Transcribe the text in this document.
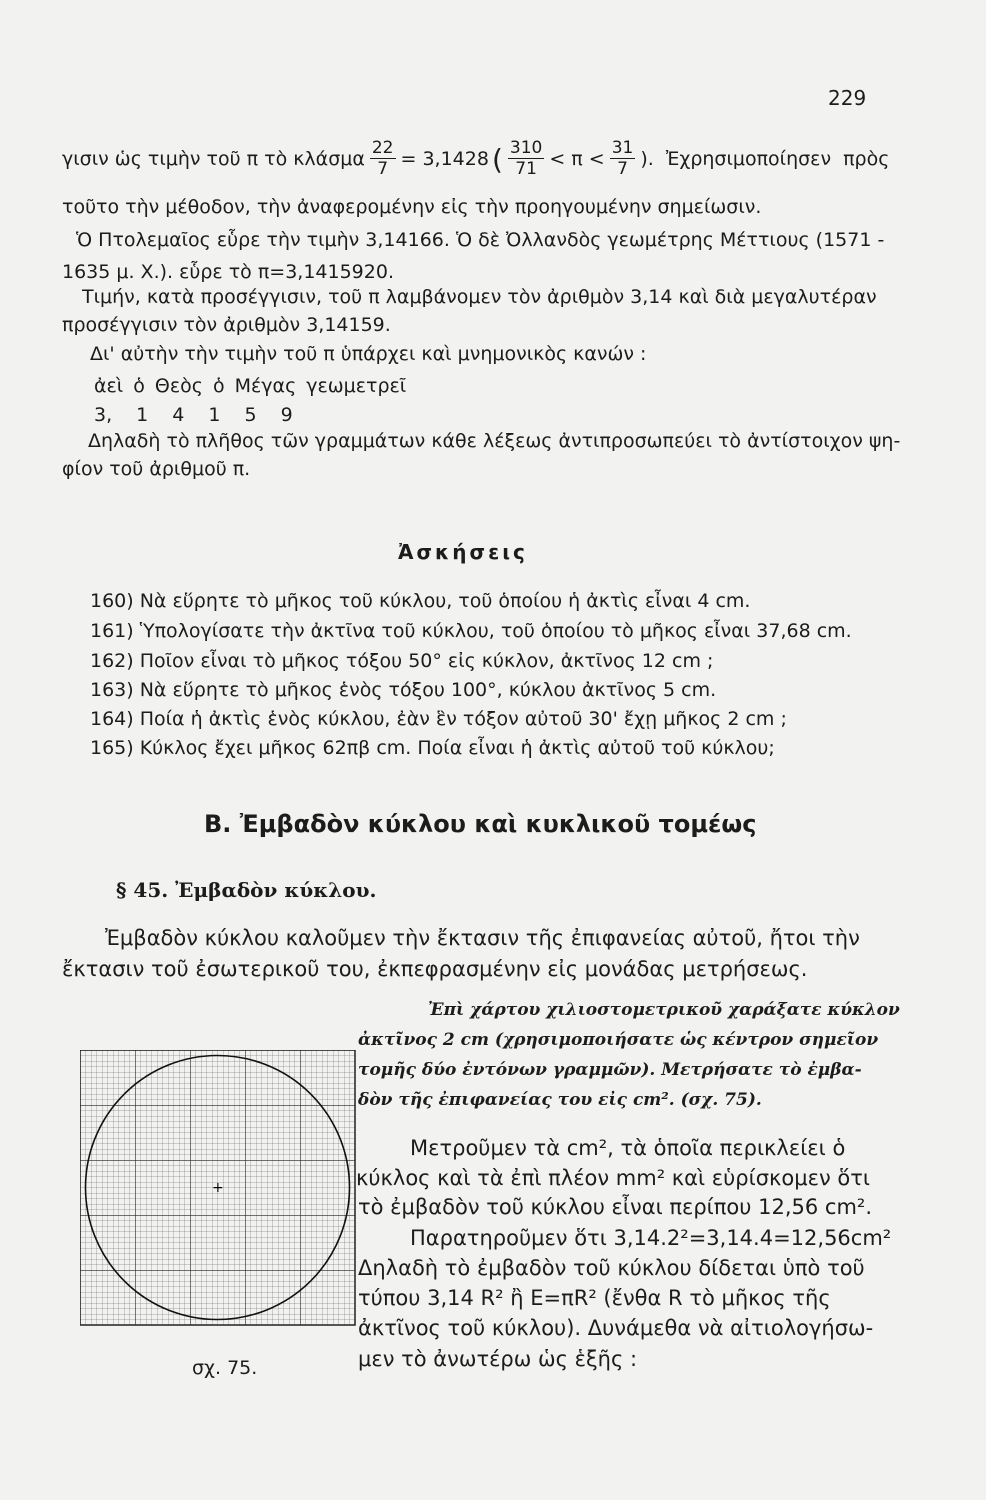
229
γισιν ὡς τιμὴν τοῦ π τὸ κλάσμα $\frac{22}{7} = 3,1428$ ( $\frac{310}{71} < \pi < \frac{31}{7}$ ). Ἐχρησιμοποίησεν πρὸς
τοῦτο τὴν μέθοδον, τὴν ἀναφερομένην εἰς τὴν προηγουμένην σημείωσιν.
Ὁ Πτολεμαῖος εὗρε τὴν τιμὴν 3,14166. Ὁ δὲ Ὀλλανδὸς γεωμέτρης Μέττιους (1571 -
1635 μ. Χ.). εὗρε τὸ π=3,1415920.
Τιμήν, κατὰ προσέγγισιν, τοῦ π λαμβάνομεν τὸν ἀριθμὸν 3,14 καὶ διὰ μεγαλυτέραν
προσέγγισιν τὸν ἀριθμὸν 3,14159.
Δι' αὐτὴν τὴν τιμὴν τοῦ π ὑπάρχει καὶ μνημονικὸς κανών :
ἀεὶ ὁ Θεὸς ὁ Μέγας γεωμετρεῖ
3, 1 4 1 5 9
Δηλαδὴ τὸ πλῆθος τῶν γραμμάτων κάθε λέξεως ἀντιπροσωπεύει τὸ ἀντίστοιχον ψη-
φίον τοῦ ἀριθμοῦ π.
Ἀσκήσεις
160) Νὰ εὕρητε τὸ μῆκος τοῦ κύκλου, τοῦ ὁποίου ἡ ἀκτὶς εἶναι 4 cm.
161) Ὑπολογίσατε τὴν ἀκτῖνα τοῦ κύκλου, τοῦ ὁποίου τὸ μῆκος εἶναι 37,68 cm.
162) Ποῖον εἶναι τὸ μῆκος τόξου 50° εἰς κύκλον, ἀκτῖνος 12 cm ;
163) Νὰ εὕρητε τὸ μῆκος ἑνὸς τόξου 100°, κύκλου ἀκτῖνος 5 cm.
164) Ποία ἡ ἀκτὶς ἑνὸς κύκλου, ἐὰν ἓν τόξον αὐτοῦ 30' ἔχῃ μῆκος 2 cm ;
165) Κύκλος ἔχει μῆκος 62πβ cm. Ποία εἶναι ἡ ἀκτὶς αὐτοῦ τοῦ κύκλου;
Β. Ἐμβαδὸν κύκλου καὶ κυκλικοῦ τομέως
§ 45. Ἐμβαδὸν κύκλου.
Ἐμβαδὸν κύκλου καλοῦμεν τὴν ἔκτασιν τῆς ἐπιφανείας αὐτοῦ, ἤτοι τὴν
ἔκτασιν τοῦ ἐσωτερικοῦ του, ἐκπεφρασμένην εἰς μονάδας μετρήσεως.
Ἐπὶ χάρτου χιλιοστομετρικοῦ χαράξατε κύκλον
ἀκτῖνος 2 cm (χρησιμοποιήσατε ὡς κέντρον σημεῖον
τομῆς δύο ἐντόνων γραμμῶν). Μετρήσατε τὸ ἐμβα-
δὸν τῆς ἐπιφανείας του εἰς cm². (σχ. 75).
Μετροῦμεν τὰ cm², τὰ ὁποῖα περικλείει ὁ
κύκλος καὶ τὰ ἐπὶ πλέον mm² καὶ εὑρίσκομεν ὅτι
τὸ ἐμβαδὸν τοῦ κύκλου εἶναι περίπου 12,56 cm².
Παρατηροῦμεν ὅτι 3,14.2²=3,14.4=12,56cm²
Δηλαδὴ τὸ ἐμβαδὸν τοῦ κύκλου δίδεται ὑπὸ τοῦ
τύπου 3,14 R² ἢ E=πR² (ἔνθα R τὸ μῆκος τῆς
ἀκτῖνος τοῦ κύκλου). Δυνάμεθα νὰ αἰτιολογήσω-
μεν τὸ ἀνωτέρω ὡς ἑξῆς :
+
σχ. 75.
